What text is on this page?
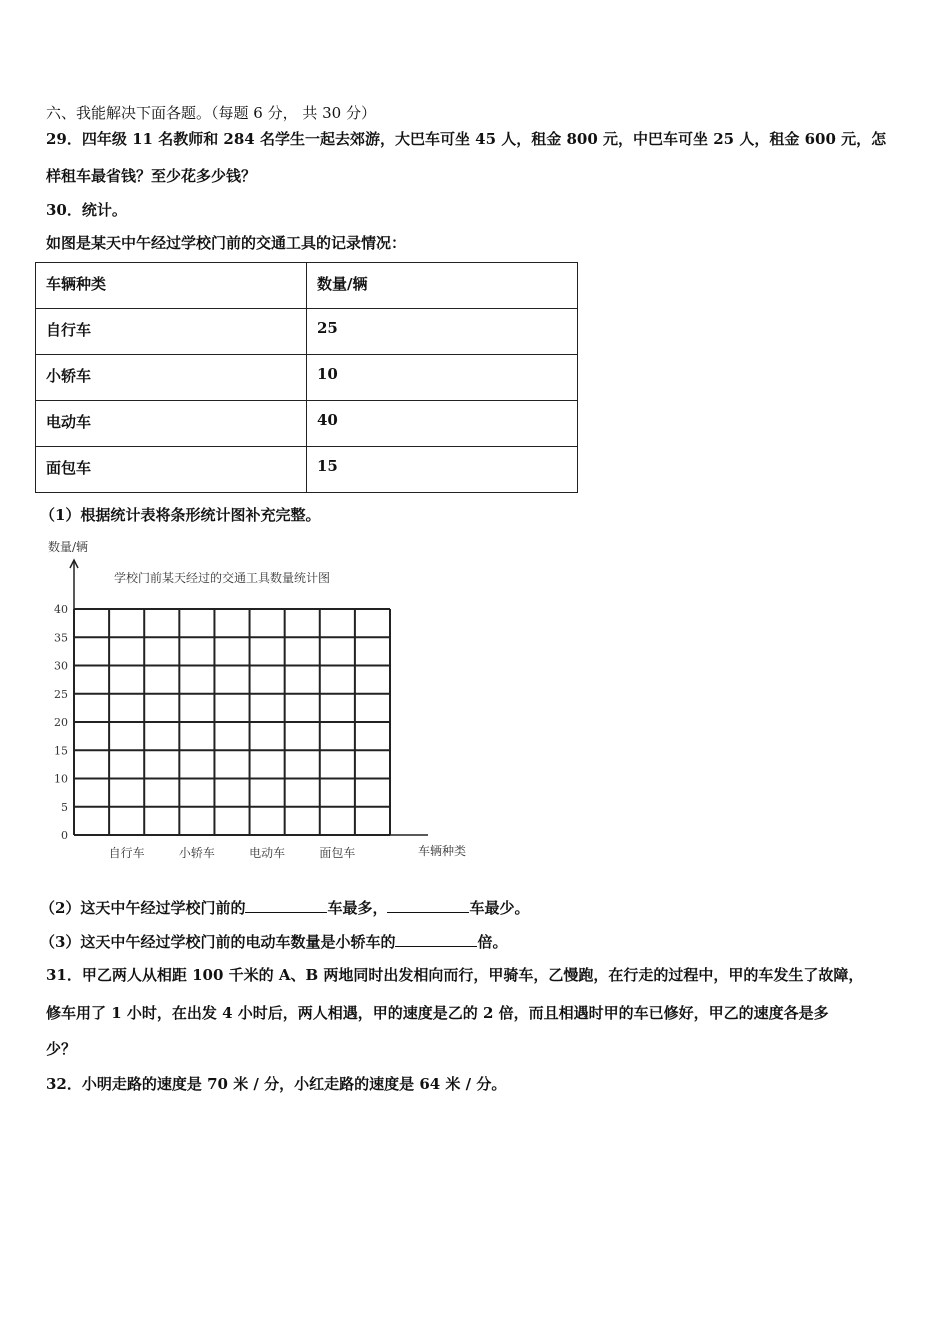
六、我能解决下面各题。（每题 6 分， 共 30 分）
29．四年级 11 名教师和 284 名学生一起去郊游，大巴车可坐 45 人，租金 800 元，中巴车可坐 25 人，租金 600 元，怎
样租车最省钱？至少花多少钱？
30．统计。
如图是某天中午经过学校门前的交通工具的记录情况：
车辆种类	数量/辆
自行车	25
小轿车	10
电动车	40
面包车	15
（1）根据统计表将条形统计图补充完整。
数量/辆
学校门前某天经过的交通工具数量统计图
车辆种类
0
5
10
15
20
25
30
35
40
自行车	小轿车	电动车	面包车
（2）这天中午经过学校门前的	车最多，	车最少。
（3）这天中午经过学校门前的电动车数量是小轿车的	倍。
31．甲乙两人从相距 100 千米的 A、B 两地同时出发相向而行，甲骑车，乙慢跑，在行走的过程中，甲的车发生了故障，
修车用了 1 小时，在出发 4 小时后，两人相遇，甲的速度是乙的 2 倍，而且相遇时甲的车已修好，甲乙的速度各是多
少？
32．小明走路的速度是 70 米 / 分，小红走路的速度是 64 米 / 分。
